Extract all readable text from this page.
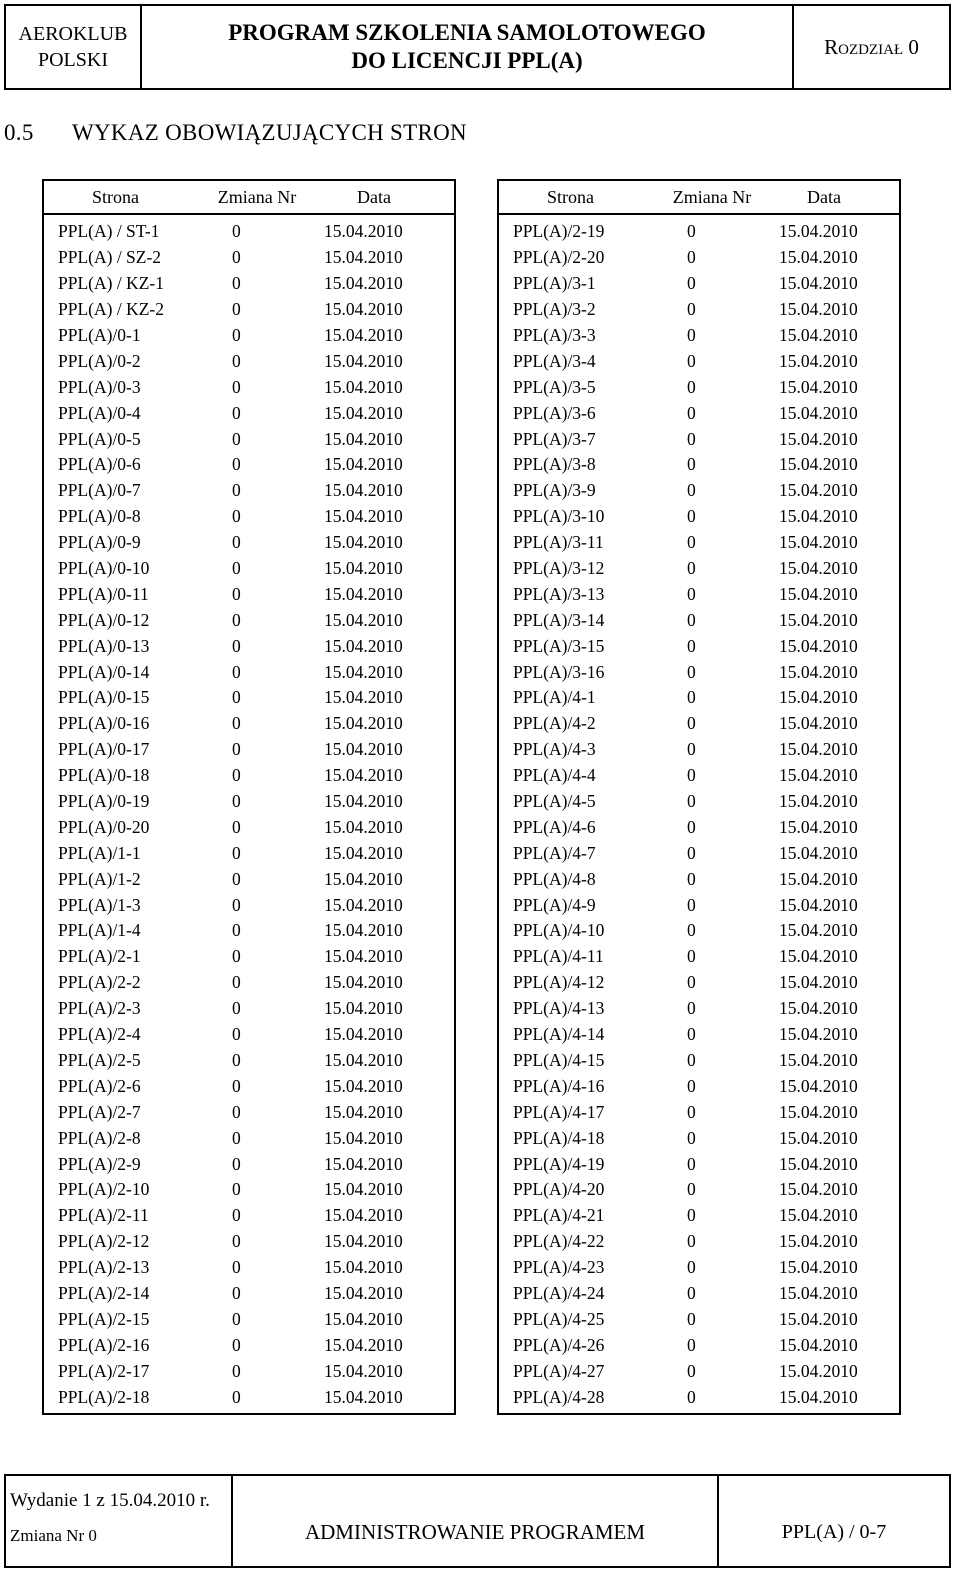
AEROKLUB
POLSKI
PROGRAM SZKOLENIA SAMOLOTOWEGO
DO LICENCJI PPL(A)
Rozdział 0
0.5 WYKAZ OBOWIĄZUJĄCYCH STRON
Strona	Zmiana Nr	Data
PPL(A) / ST-1	0	15.04.2010
PPL(A) / SZ-2	0	15.04.2010
PPL(A) / KZ-1	0	15.04.2010
PPL(A) / KZ-2	0	15.04.2010
PPL(A)/0-1	0	15.04.2010
PPL(A)/0-2	0	15.04.2010
PPL(A)/0-3	0	15.04.2010
PPL(A)/0-4	0	15.04.2010
PPL(A)/0-5	0	15.04.2010
PPL(A)/0-6	0	15.04.2010
PPL(A)/0-7	0	15.04.2010
PPL(A)/0-8	0	15.04.2010
PPL(A)/0-9	0	15.04.2010
PPL(A)/0-10	0	15.04.2010
PPL(A)/0-11	0	15.04.2010
PPL(A)/0-12	0	15.04.2010
PPL(A)/0-13	0	15.04.2010
PPL(A)/0-14	0	15.04.2010
PPL(A)/0-15	0	15.04.2010
PPL(A)/0-16	0	15.04.2010
PPL(A)/0-17	0	15.04.2010
PPL(A)/0-18	0	15.04.2010
PPL(A)/0-19	0	15.04.2010
PPL(A)/0-20	0	15.04.2010
PPL(A)/1-1	0	15.04.2010
PPL(A)/1-2	0	15.04.2010
PPL(A)/1-3	0	15.04.2010
PPL(A)/1-4	0	15.04.2010
PPL(A)/2-1	0	15.04.2010
PPL(A)/2-2	0	15.04.2010
PPL(A)/2-3	0	15.04.2010
PPL(A)/2-4	0	15.04.2010
PPL(A)/2-5	0	15.04.2010
PPL(A)/2-6	0	15.04.2010
PPL(A)/2-7	0	15.04.2010
PPL(A)/2-8	0	15.04.2010
PPL(A)/2-9	0	15.04.2010
PPL(A)/2-10	0	15.04.2010
PPL(A)/2-11	0	15.04.2010
PPL(A)/2-12	0	15.04.2010
PPL(A)/2-13	0	15.04.2010
PPL(A)/2-14	0	15.04.2010
PPL(A)/2-15	0	15.04.2010
PPL(A)/2-16	0	15.04.2010
PPL(A)/2-17	0	15.04.2010
PPL(A)/2-18	0	15.04.2010
Strona	Zmiana Nr	Data
PPL(A)/2-19	0	15.04.2010
PPL(A)/2-20	0	15.04.2010
PPL(A)/3-1	0	15.04.2010
PPL(A)/3-2	0	15.04.2010
PPL(A)/3-3	0	15.04.2010
PPL(A)/3-4	0	15.04.2010
PPL(A)/3-5	0	15.04.2010
PPL(A)/3-6	0	15.04.2010
PPL(A)/3-7	0	15.04.2010
PPL(A)/3-8	0	15.04.2010
PPL(A)/3-9	0	15.04.2010
PPL(A)/3-10	0	15.04.2010
PPL(A)/3-11	0	15.04.2010
PPL(A)/3-12	0	15.04.2010
PPL(A)/3-13	0	15.04.2010
PPL(A)/3-14	0	15.04.2010
PPL(A)/3-15	0	15.04.2010
PPL(A)/3-16	0	15.04.2010
PPL(A)/4-1	0	15.04.2010
PPL(A)/4-2	0	15.04.2010
PPL(A)/4-3	0	15.04.2010
PPL(A)/4-4	0	15.04.2010
PPL(A)/4-5	0	15.04.2010
PPL(A)/4-6	0	15.04.2010
PPL(A)/4-7	0	15.04.2010
PPL(A)/4-8	0	15.04.2010
PPL(A)/4-9	0	15.04.2010
PPL(A)/4-10	0	15.04.2010
PPL(A)/4-11	0	15.04.2010
PPL(A)/4-12	0	15.04.2010
PPL(A)/4-13	0	15.04.2010
PPL(A)/4-14	0	15.04.2010
PPL(A)/4-15	0	15.04.2010
PPL(A)/4-16	0	15.04.2010
PPL(A)/4-17	0	15.04.2010
PPL(A)/4-18	0	15.04.2010
PPL(A)/4-19	0	15.04.2010
PPL(A)/4-20	0	15.04.2010
PPL(A)/4-21	0	15.04.2010
PPL(A)/4-22	0	15.04.2010
PPL(A)/4-23	0	15.04.2010
PPL(A)/4-24	0	15.04.2010
PPL(A)/4-25	0	15.04.2010
PPL(A)/4-26	0	15.04.2010
PPL(A)/4-27	0	15.04.2010
PPL(A)/4-28	0	15.04.2010
Wydanie 1 z 15.04.2010 r.
Zmiana Nr 0	ADMINISTROWANIE PROGRAMEM	PPL(A) / 0-7
